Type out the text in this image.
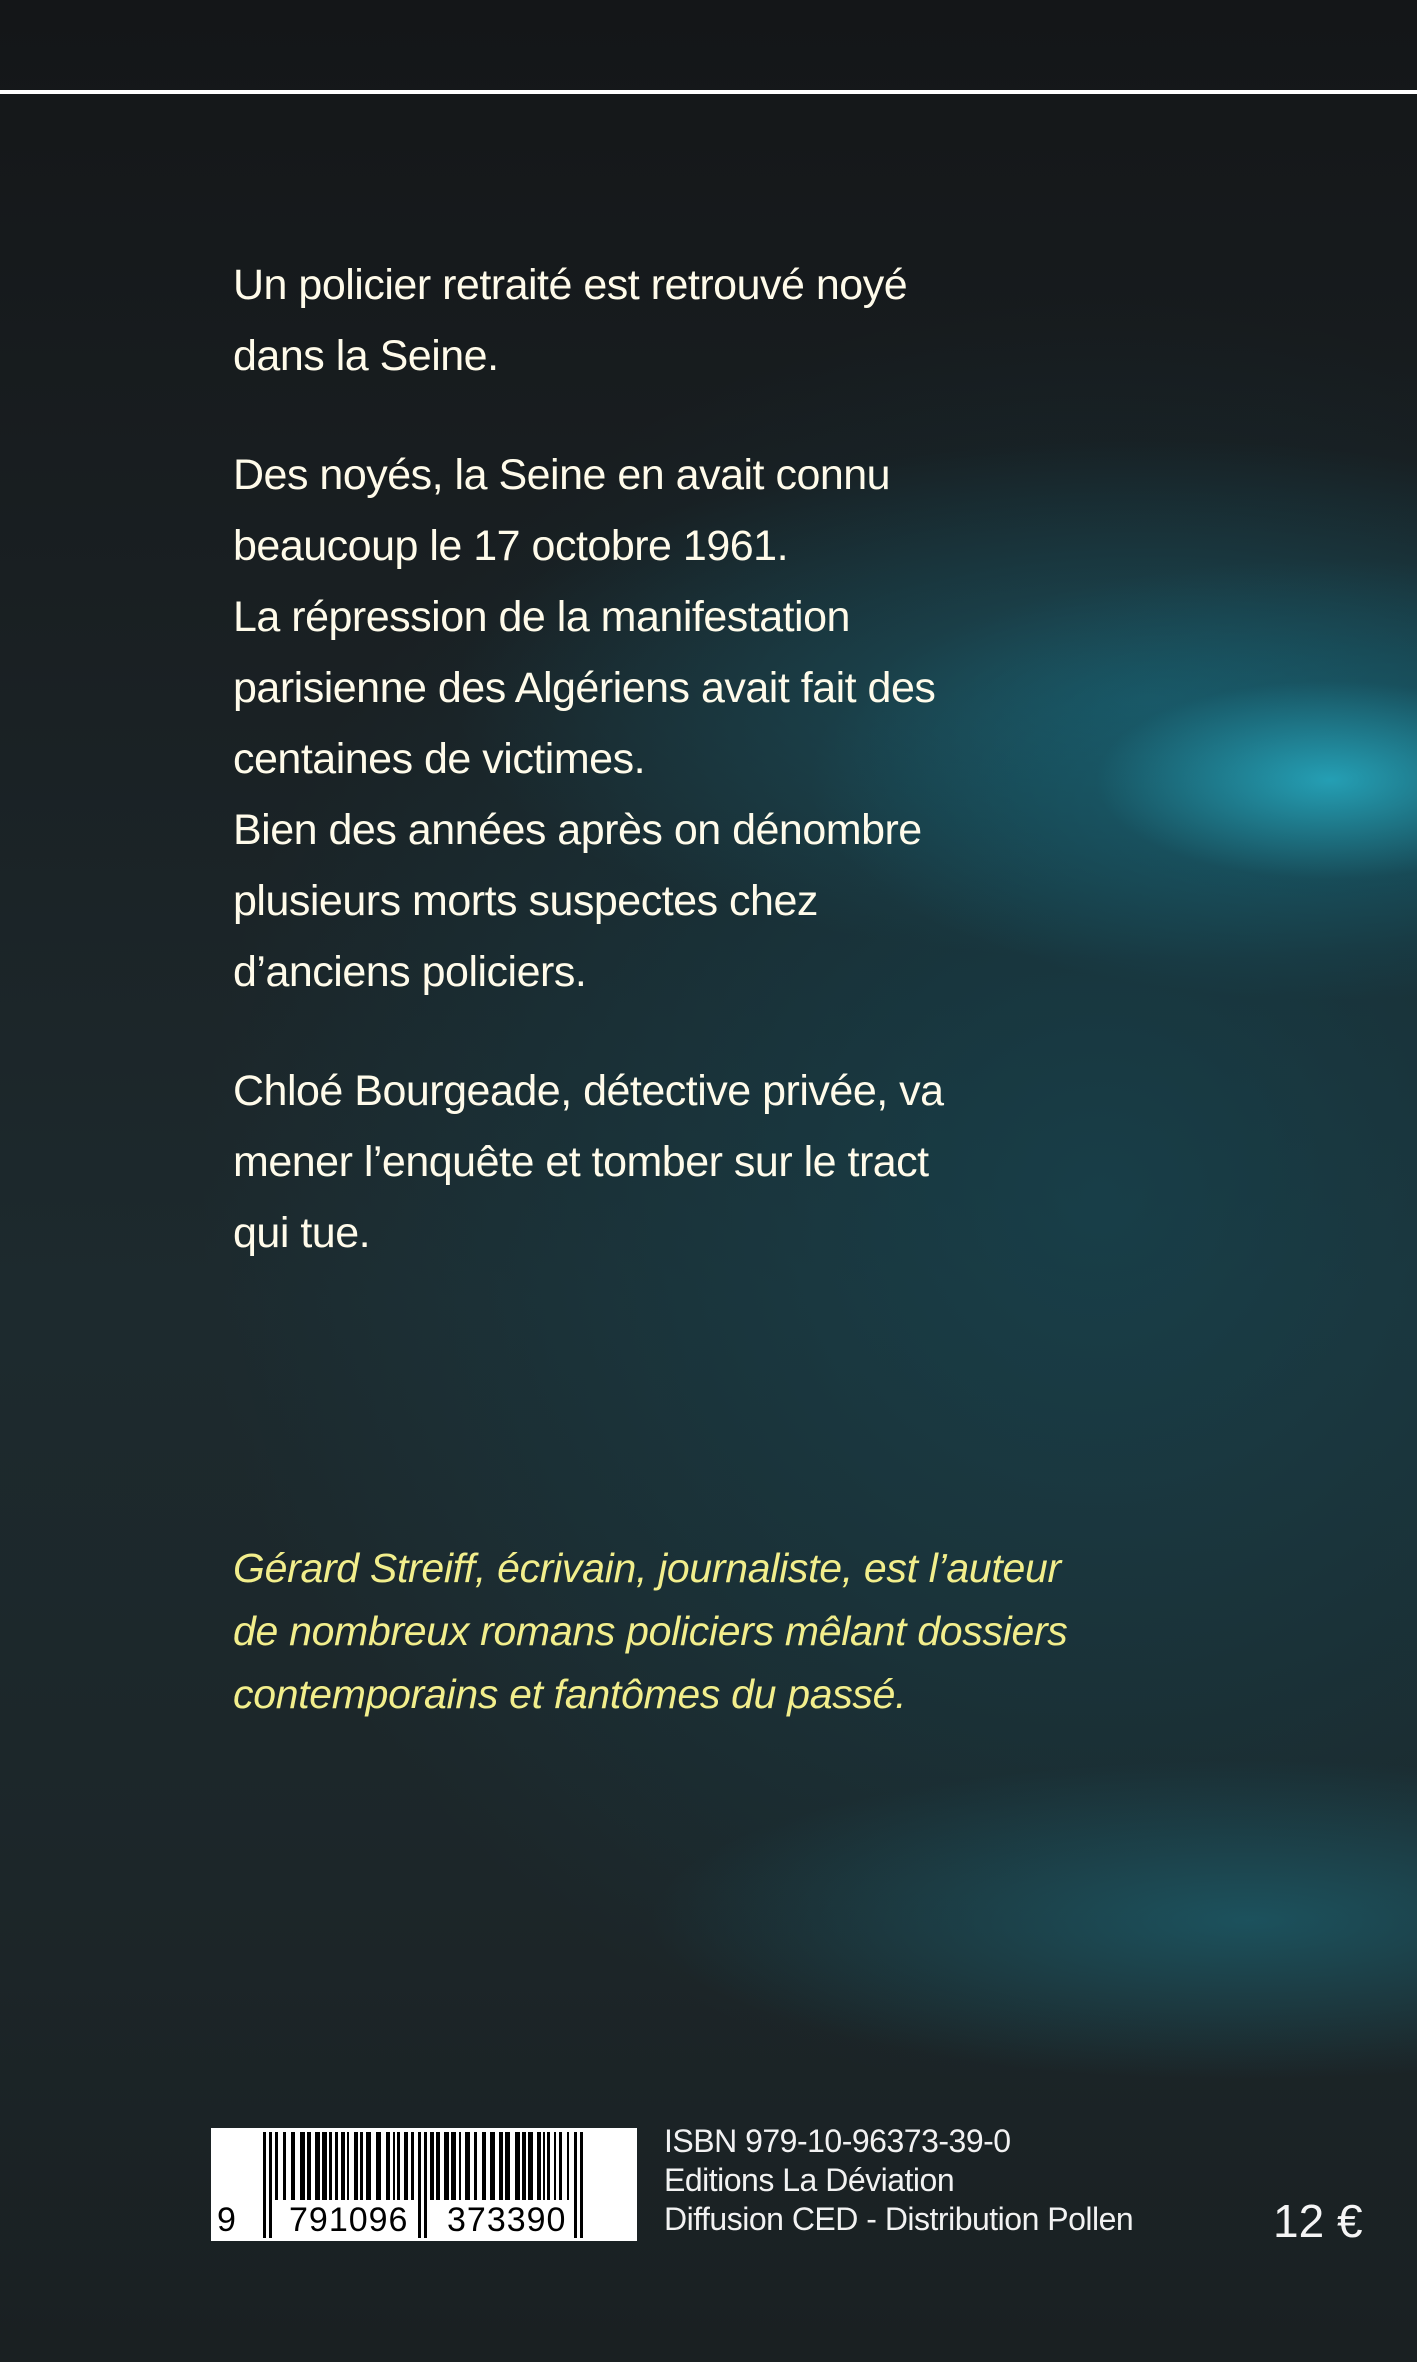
Un policier retraité est retrouvé noyé
dans la Seine.

Des noyés, la Seine en avait connu
beaucoup le 17 octobre 1961.
La répression de la manifestation
parisienne des Algériens avait fait des
centaines de victimes.
Bien des années après on dénombre
plusieurs morts suspectes chez
d’anciens policiers.

Chloé Bourgeade, détective privée, va
mener l’enquête et tomber sur le tract
qui tue.

Gérard Streiff, écrivain, journaliste, est l’auteur
de nombreux romans policiers mêlant dossiers
contemporains et fantômes du passé.
9 791096 373390
ISBN 979-10-96373-39-0
Editions La Déviation
Diffusion CED - Distribution Pollen	12 €
